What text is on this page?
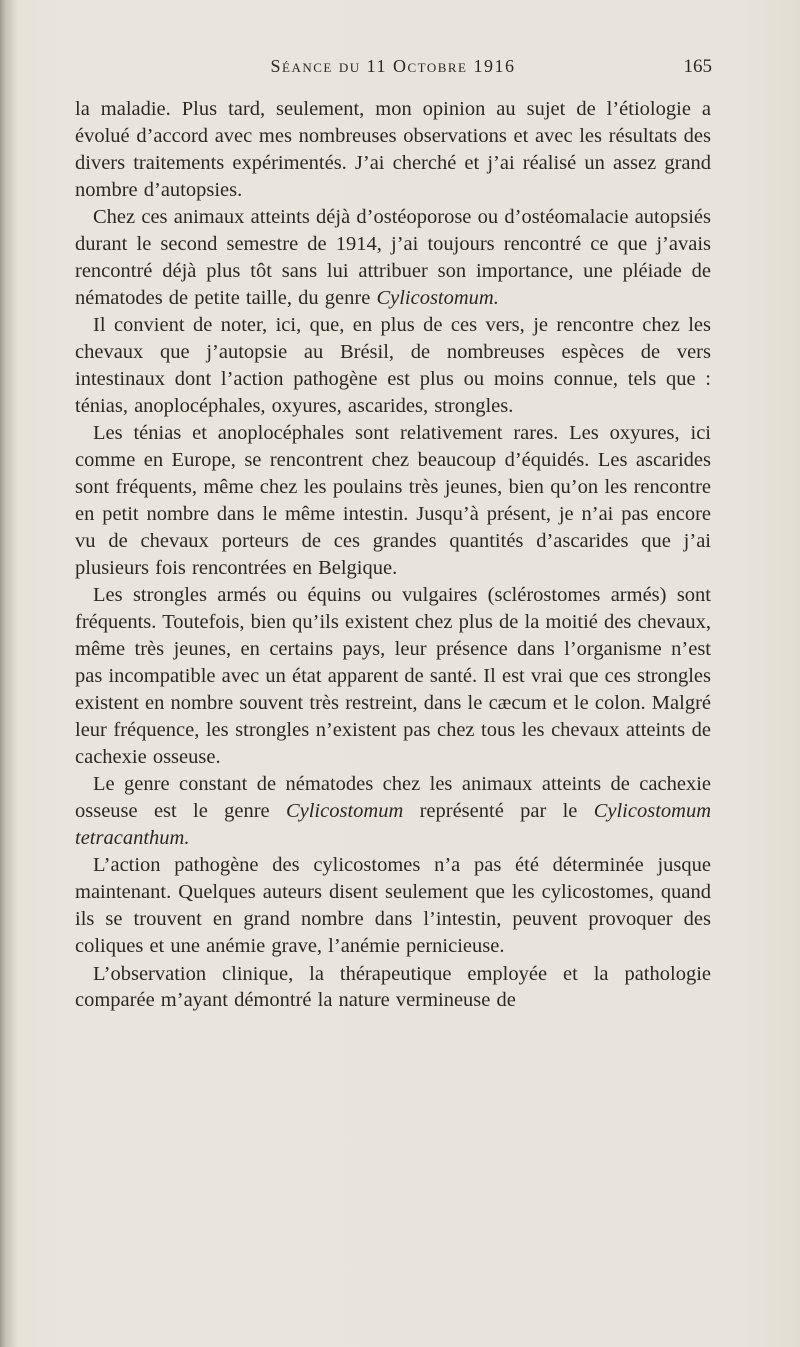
Séance du 11 Octobre 1916	165

la maladie. Plus tard, seulement, mon opinion au sujet de l’étiologie a évolué d’accord avec mes nombreuses observations et avec les résultats des divers traitements expérimentés. J’ai cherché et j’ai réalisé un assez grand nombre d’autopsies.

Chez ces animaux atteints déjà d’ostéoporose ou d’ostéomalacie autopsiés durant le second semestre de 1914, j’ai toujours rencontré ce que j’avais rencontré déjà plus tôt sans lui attribuer son importance, une pléiade de nématodes de petite taille, du genre Cylicostomum.

Il convient de noter, ici, que, en plus de ces vers, je rencontre chez les chevaux que j’autopsie au Brésil, de nombreuses espèces de vers intestinaux dont l’action pathogène est plus ou moins connue, tels que : ténias, anoplocéphales, oxyures, ascarides, strongles.

Les ténias et anoplocéphales sont relativement rares. Les oxyures, ici comme en Europe, se rencontrent chez beaucoup d’équidés. Les ascarides sont fréquents, même chez les poulains très jeunes, bien qu’on les rencontre en petit nombre dans le même intestin. Jusqu’à présent, je n’ai pas encore vu de chevaux porteurs de ces grandes quantités d’ascarides que j’ai plusieurs fois rencontrées en Belgique.

Les strongles armés ou équins ou vulgaires (sclérostomes armés) sont fréquents. Toutefois, bien qu’ils existent chez plus de la moitié des chevaux, même très jeunes, en certains pays, leur présence dans l’organisme n’est pas incompatible avec un état apparent de santé. Il est vrai que ces strongles existent en nombre souvent très restreint, dans le cæcum et le colon. Malgré leur fréquence, les strongles n’existent pas chez tous les chevaux atteints de cachexie osseuse.

Le genre constant de nématodes chez les animaux atteints de cachexie osseuse est le genre Cylicostomum représenté par le Cylicostomum tetracanthum.

L’action pathogène des cylicostomes n’a pas été déterminée jusque maintenant. Quelques auteurs disent seulement que les cylicostomes, quand ils se trouvent en grand nombre dans l’intestin, peuvent provoquer des coliques et une anémie grave, l’anémie pernicieuse.

L’observation clinique, la thérapeutique employée et la pathologie comparée m’ayant démontré la nature vermineuse de
